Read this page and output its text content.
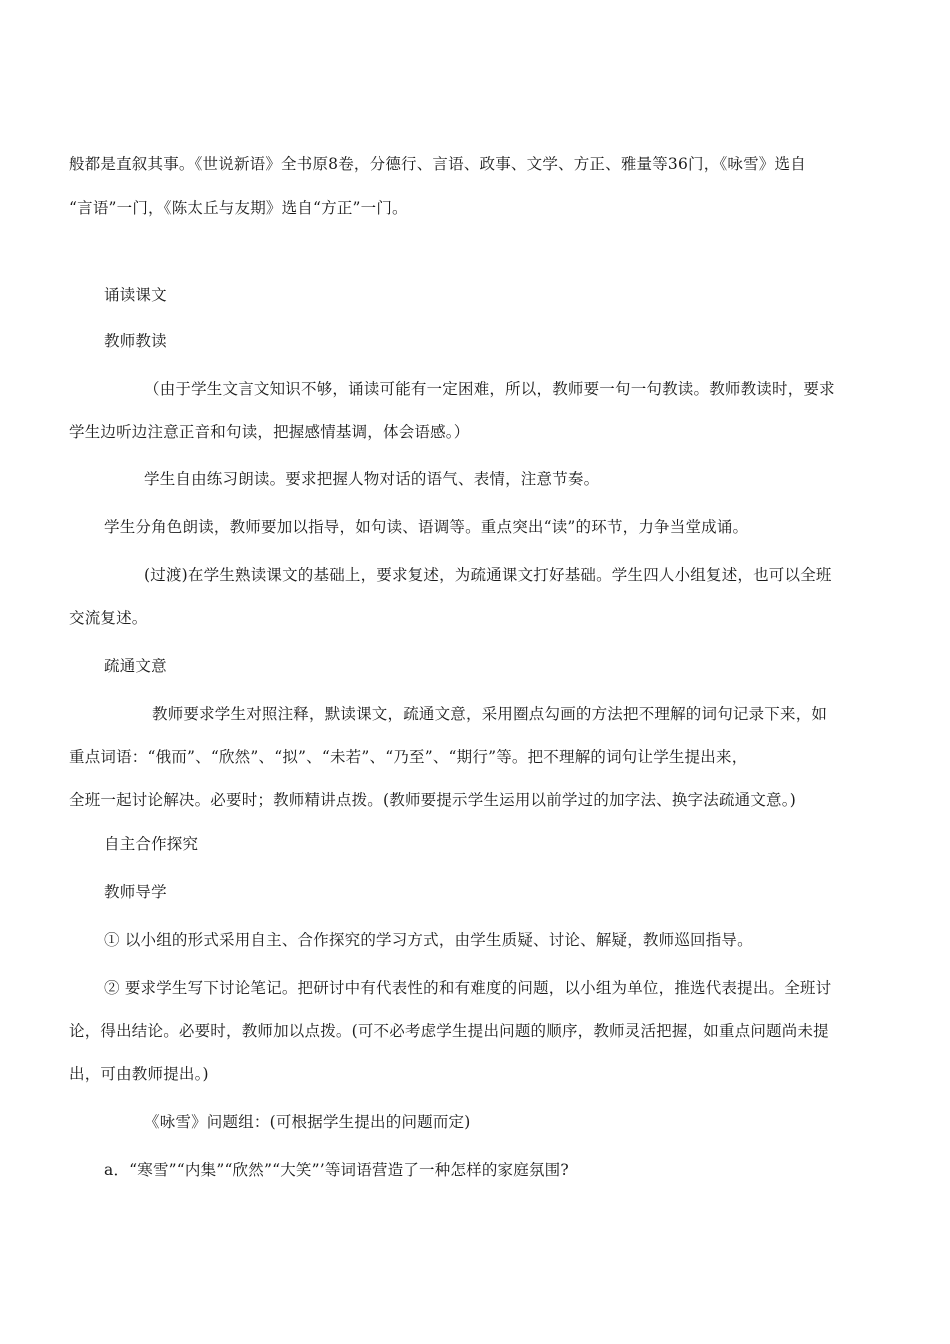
般都是直叙其事。《世说新语》全书原8卷，分德行、言语、政事、文学、方正、雅量等36门，《咏雪》选自
“言语”一门，《陈太丘与友期》选自“方正”一门。
诵读课文
教师教读
（由于学生文言文知识不够，诵读可能有一定困难，所以，教师要一句一句教读。教师教读时，要求
学生边听边注意正音和句读，把握感情基调，体会语感。）
学生自由练习朗读。要求把握人物对话的语气、表情，注意节奏。
学生分角色朗读，教师要加以指导，如句读、语调等。重点突出“读”的环节，力争当堂成诵。
(过渡)在学生熟读课文的基础上，要求复述，为疏通课文打好基础。学生四人小组复述，也可以全班
交流复述。
疏通文意
教师要求学生对照注释，默读课文，疏通文意，采用圈点勾画的方法把不理解的词句记录下来，如
重点词语：“俄而”、“欣然”、“拟”、“未若”、“乃至”、“期行”等。把不理解的词句让学生提出来，
全班一起讨论解决。必要时；教师精讲点拨。(教师要提示学生运用以前学过的加字法、换字法疏通文意。)
自主合作探究
教师导学
① 以小组的形式采用自主、合作探究的学习方式，由学生质疑、讨论、解疑，教师巡回指导。
② 要求学生写下讨论笔记。把研讨中有代表性的和有难度的问题，以小组为单位，推选代表提出。全班讨
论，得出结论。必要时，教师加以点拨。(可不必考虑学生提出问题的顺序，教师灵活把握，如重点问题尚未提
出，可由教师提出。)
《咏雪》问题组：(可根据学生提出的问题而定)
a．“寒雪”“内集”“欣然”“大笑”’等词语营造了一种怎样的家庭氛围?
